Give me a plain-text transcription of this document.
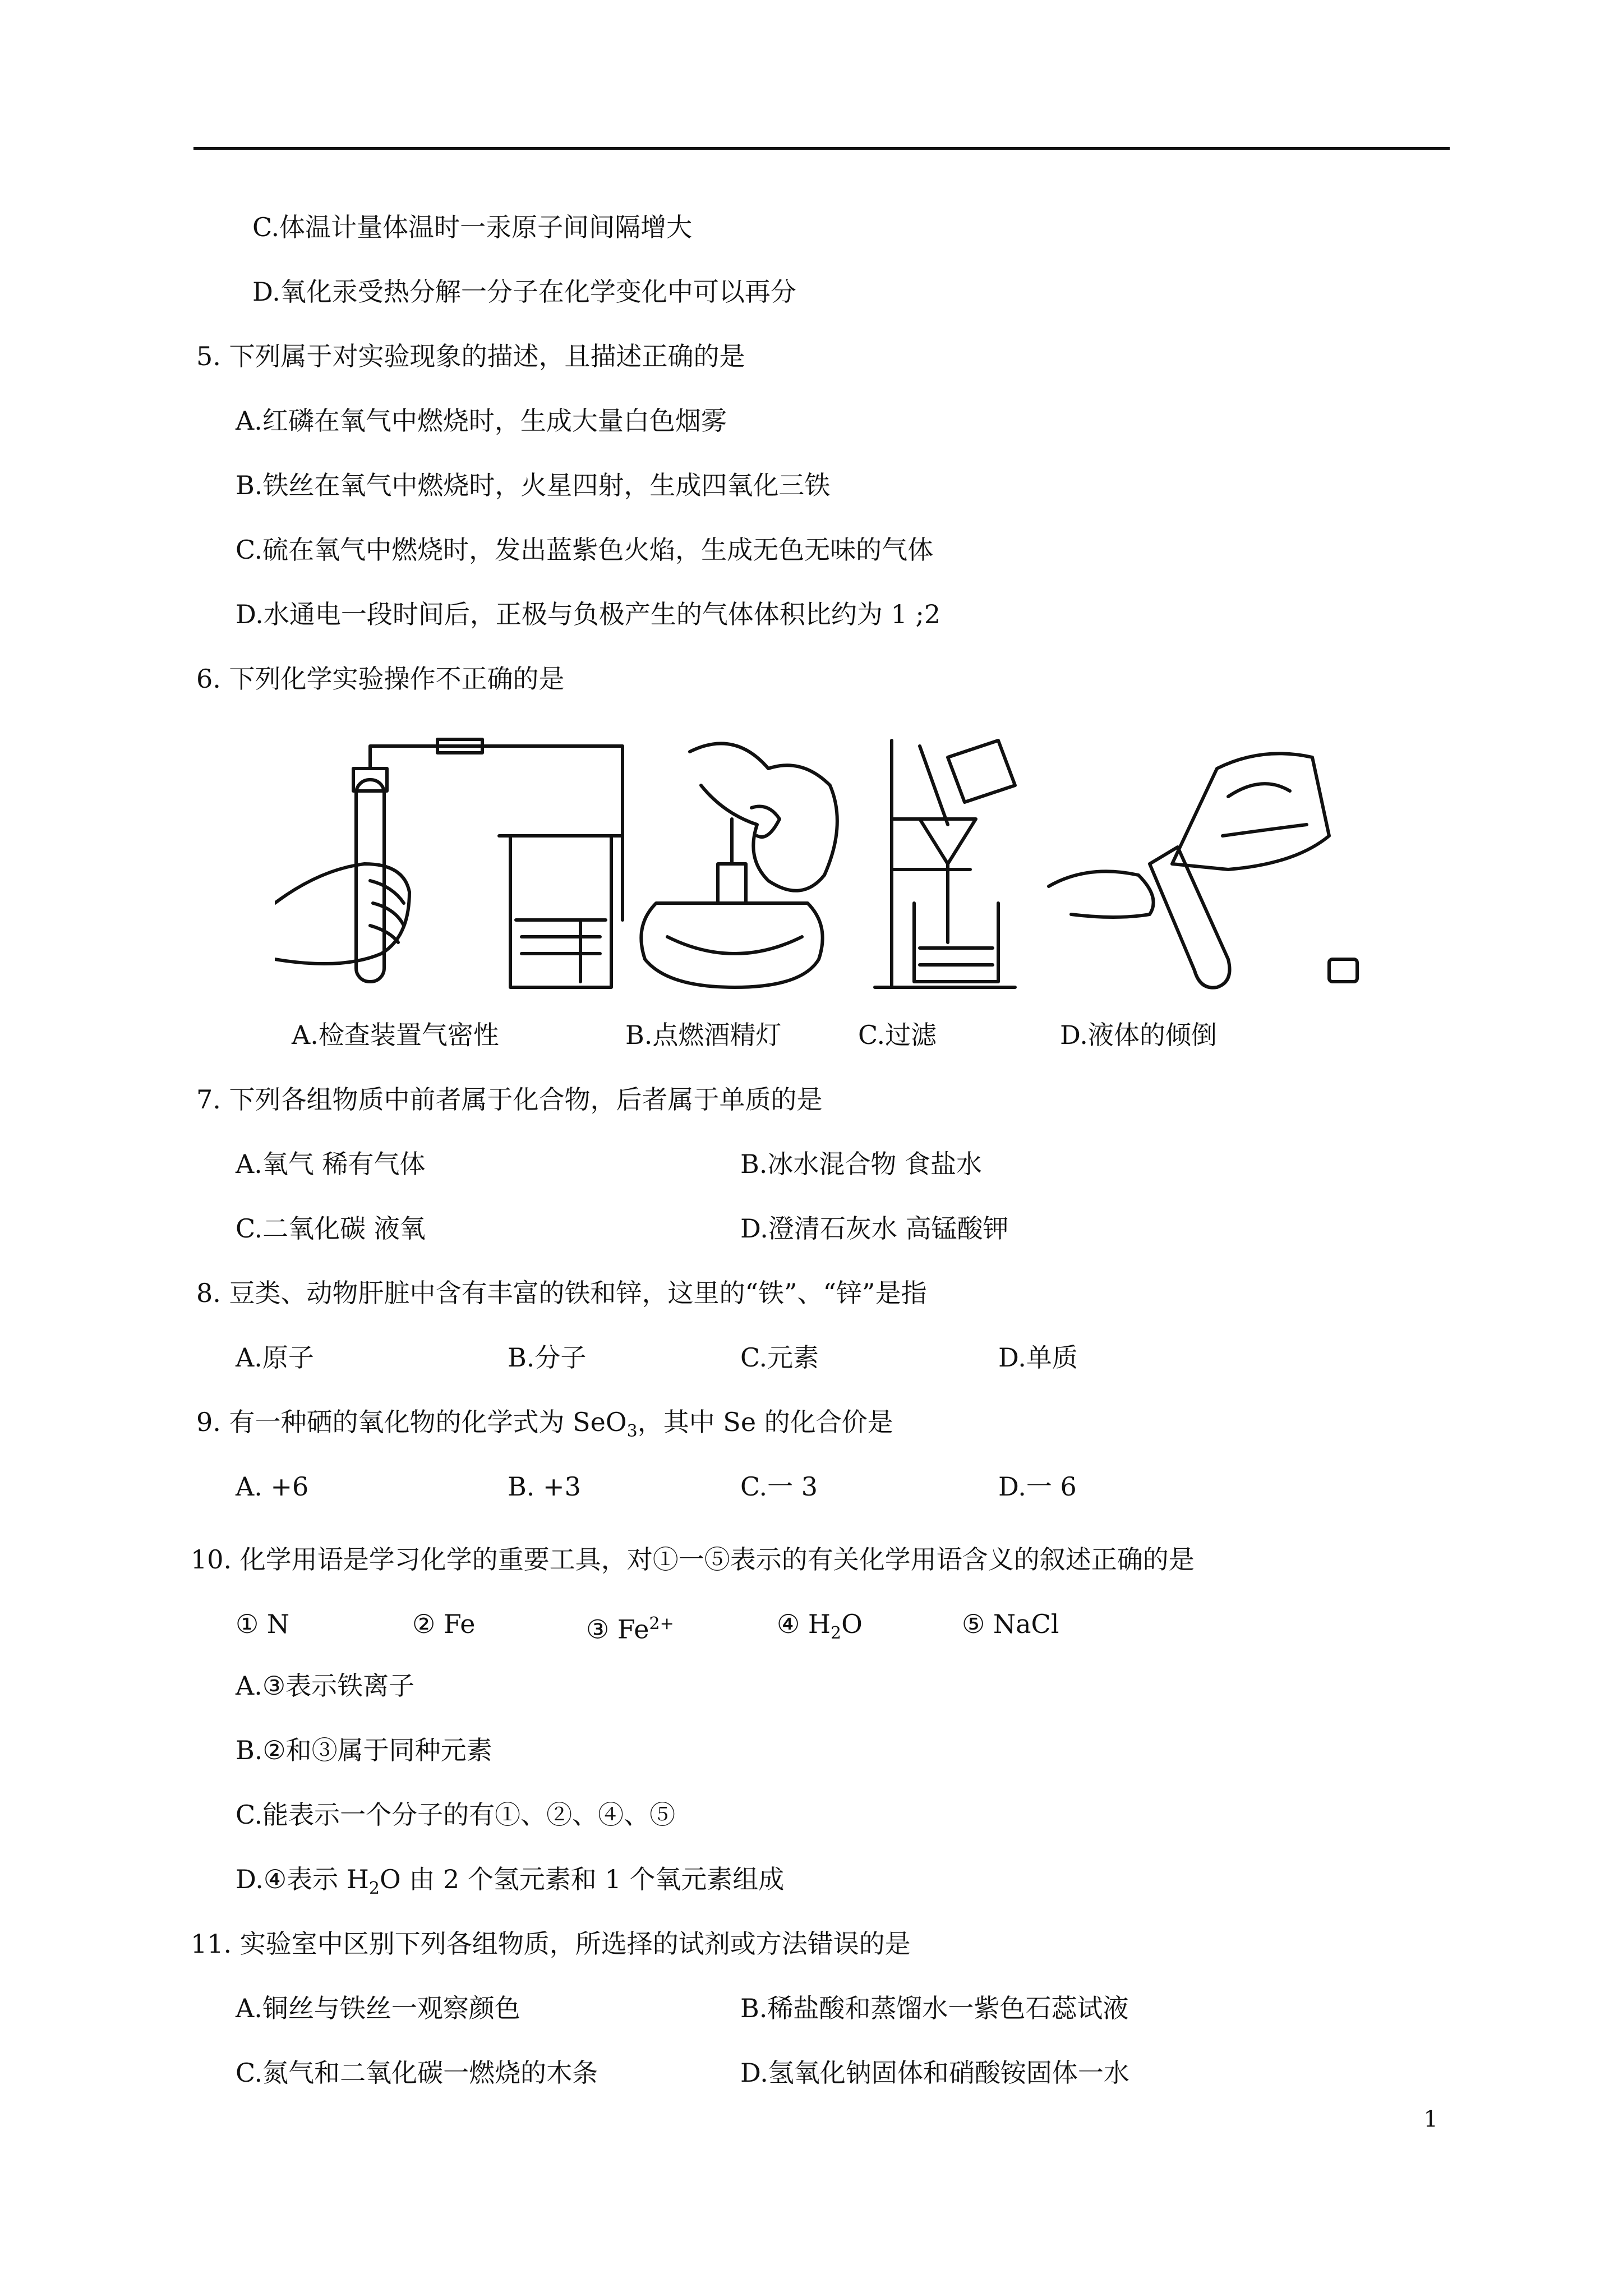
C.体温计量体温时一汞原子间间隔增大
D.氧化汞受热分解一分子在化学变化中可以再分
5. 下列属于对实验现象的描述，且描述正确的是
A.红磷在氧气中燃烧时，生成大量白色烟雾
B.铁丝在氧气中燃烧时，火星四射，生成四氧化三铁
C.硫在氧气中燃烧时，发出蓝紫色火焰，生成无色无味的气体
D.水通电一段时间后，正极与负极产生的气体体积比约为 1 ;2
6. 下列化学实验操作不正确的是
A.检查装置气密性	B.点燃酒精灯	C.过滤	D.液体的倾倒
7. 下列各组物质中前者属于化合物，后者属于单质的是
A.氧气 稀有气体	B.冰水混合物 食盐水
C.二氧化碳 液氧	D.澄清石灰水 高锰酸钾
8. 豆类、动物肝脏中含有丰富的铁和锌，这里的“铁”、“锌”是指
A.原子	B.分子	C.元素	D.单质
9. 有一种硒的氧化物的化学式为 SeO$_3$，其中 Se 的化合价是
A. +6	B. +3	C.一 3	D.一 6
10. 化学用语是学习化学的重要工具，对①一⑤表示的有关化学用语含义的叙述正确的是
① N	② Fe	③ $Fe^{2+}$	④ $H_2O$	⑤ NaCl
A.③表示铁离子
B.②和③属于同种元素
C.能表示一个分子的有①、②、④、⑤
D.④表示 $H_2O$ 由 2 个氢元素和 1 个氧元素组成
11. 实验室中区别下列各组物质，所选择的试剂或方法错误的是
A.铜丝与铁丝一观察颜色	B.稀盐酸和蒸馏水一紫色石蕊试液
C.氮气和二氧化碳一燃烧的木条	D.氢氧化钠固体和硝酸铵固体一水
1
